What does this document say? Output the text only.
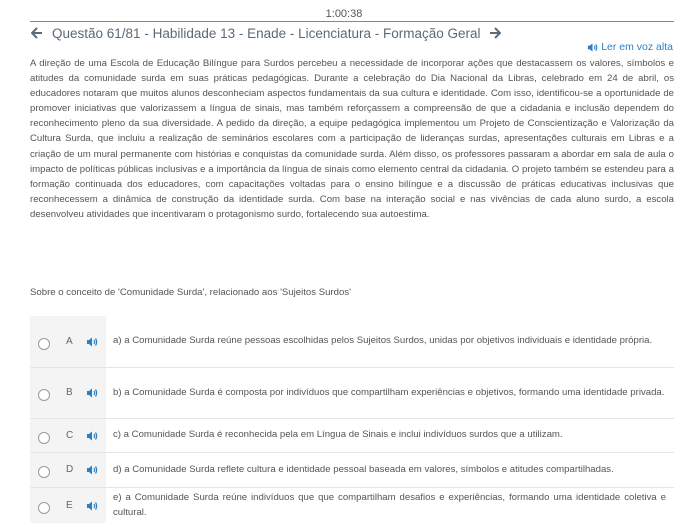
1:00:38
Questão 61/81 - Habilidade 13 - Enade - Licenciatura - Formação Geral
Ler em voz alta
A direção de uma Escola de Educação Bilíngue para Surdos percebeu a necessidade de incorporar ações que destacassem os valores, símbolos e atitudes da comunidade surda em suas práticas pedagógicas. Durante a celebração do Dia Nacional da Libras, celebrado em 24 de abril, os educadores notaram que muitos alunos desconheciam aspectos fundamentais da sua cultura e identidade. Com isso, identificou-se a oportunidade de promover iniciativas que valorizassem a língua de sinais, mas também reforçassem a compreensão de que a cidadania e inclusão dependem do reconhecimento pleno da sua diversidade. A pedido da direção, a equipe pedagógica implementou um Projeto de Conscientização e Valorização da Cultura Surda, que incluiu a realização de seminários escolares com a participação de lideranças surdas, apresentações culturais em Libras e a criação de um mural permanente com histórias e conquistas da comunidade surda. Além disso, os professores passaram a abordar em sala de aula o impacto de políticas públicas inclusivas e a importância da língua de sinais como elemento central da cidadania. O projeto também se estendeu para a formação continuada dos educadores, com capacitações voltadas para o ensino bilíngue e a discussão de práticas educativas inclusivas que reconhecessem a dinâmica de construção da identidade surda. Com base na interação social e nas vivências de cada aluno surdo, a escola desenvolveu atividades que incentivaram o protagonismo surdo, fortalecendo sua autoestima.
Sobre o conceito de 'Comunidade Surda', relacionado aos 'Sujeitos Surdos'
A	a) a Comunidade Surda reúne pessoas escolhidas pelos Sujeitos Surdos, unidas por objetivos individuais e identidade própria.
B	b) a Comunidade Surda é composta por indivíduos que compartilham experiências e objetivos, formando uma identidade privada.
C	c) a Comunidade Surda é reconhecida pela em Língua de Sinais e inclui indivíduos surdos que a utilizam.
D	d) a Comunidade Surda reflete cultura e identidade pessoal baseada em valores, símbolos e atitudes compartilhadas.
E
e) a Comunidade Surda reúne indivíduos que que compartilham desafios e experiências, formando uma identidade coletiva e cultural.
